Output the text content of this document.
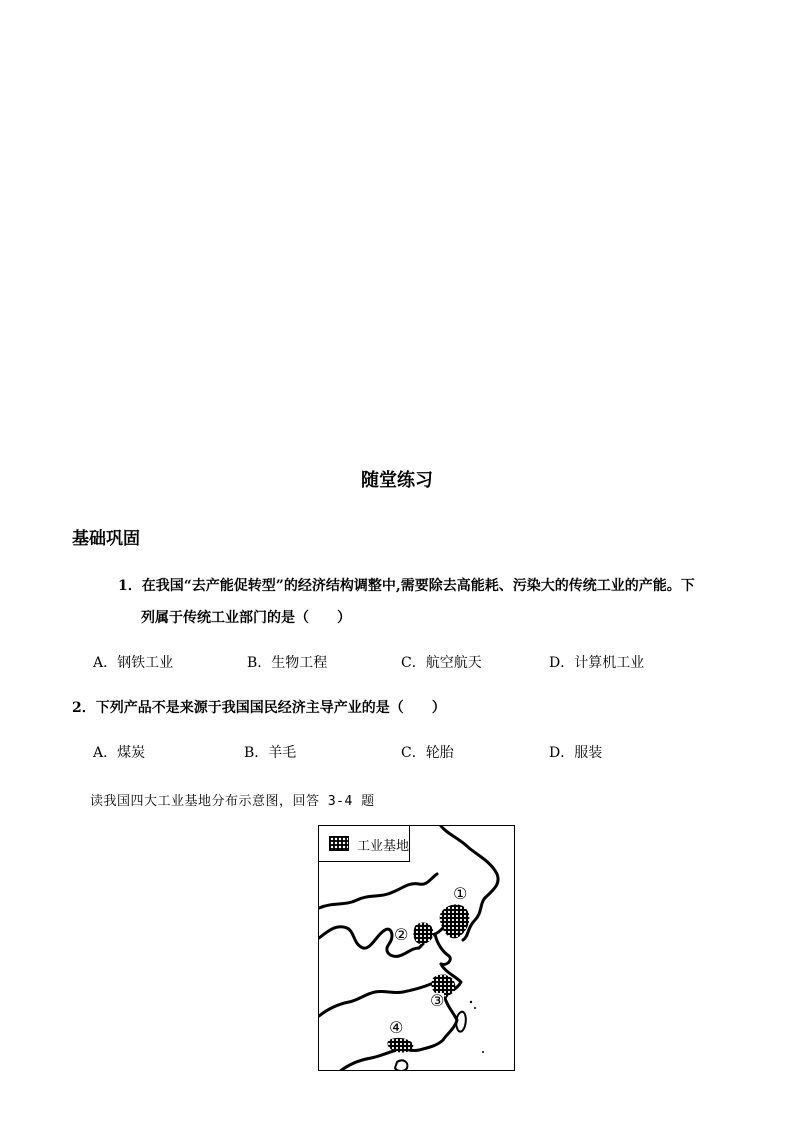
随堂练习
基础巩固
1．在我国“去产能促转型”的经济结构调整中,需要除去高能耗、污染大的传统工业的产能。下
列属于传统工业部门的是（　　）
A．钢铁工业	B．生物工程	C．航空航天	D．计算机工业
2．下列产品不是来源于我国国民经济主导产业的是（　　）
A．煤炭	B．羊毛	C．轮胎	D．服装
读我国四大工业基地分布示意图，回答 3-4 题
工业基地
①
②
③
④
